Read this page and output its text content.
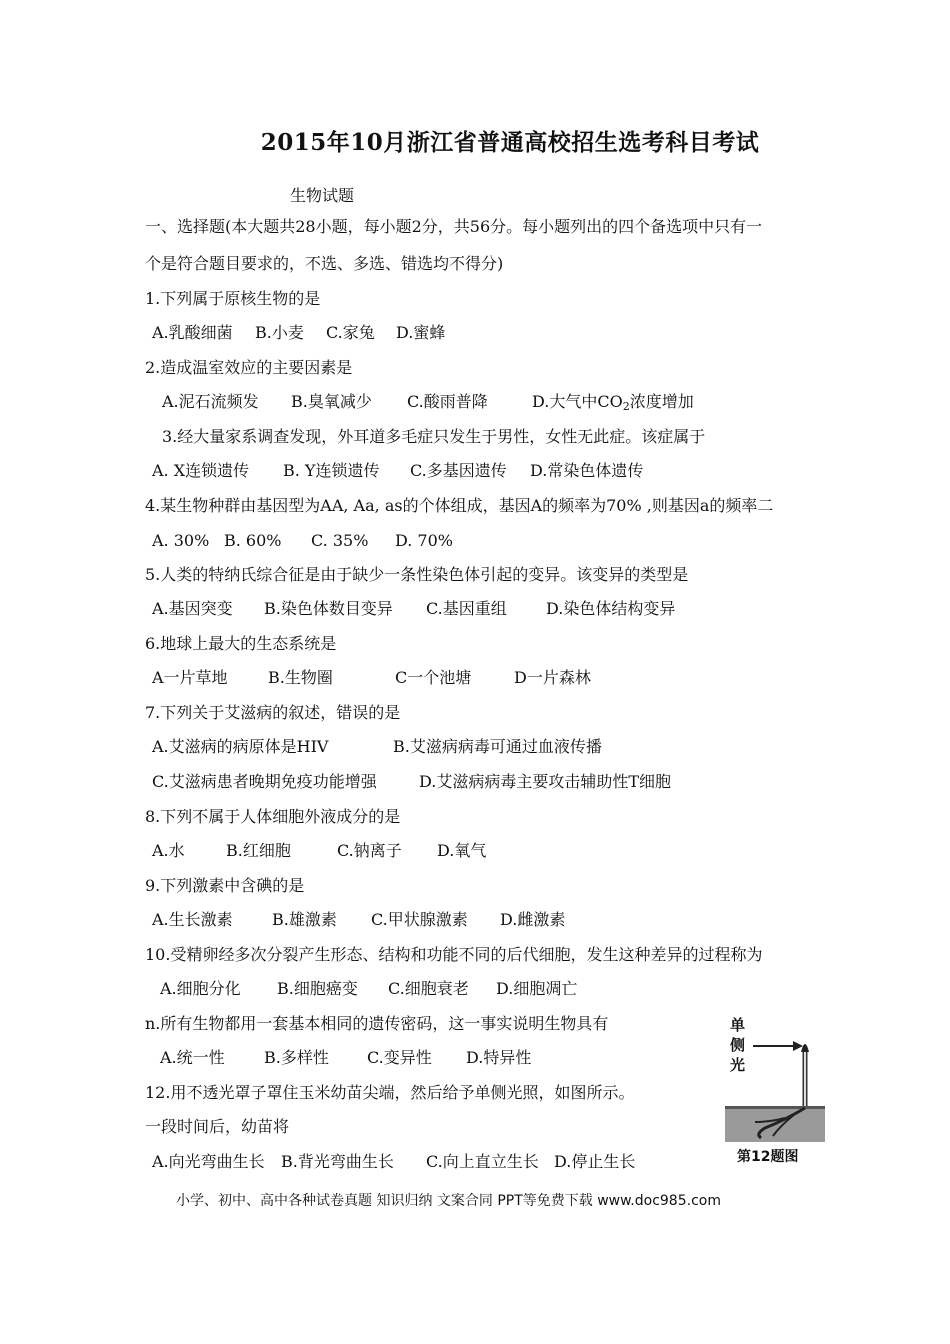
2015年10月浙江省普通高校招生选考科目考试
生物试题
一、选择题(本大题共28小题，每小题2分，共56分。每小题列出的四个备选项中只有一
个是符合题目要求的，不选、多选、错选均不得分)
1.下列属于原核生物的是
A.乳酸细菌 B.小麦 C.家兔 D.蜜蜂
2.造成温室效应的主要因素是
A.泥石流频发 B.臭氧减少 C.酸雨普降	D.大气中$CO_2$浓度增加
3.经大量家系调查发现，外耳道多毛症只发生于男性，女性无此症。该症属于
A. X连锁遗传 B. Y连锁遗传 C.多基因遗传 D.常染色体遗传
4.某生物种群由基因型为AA, Aa, as的个体组成，基因A的频率为70% ,则基因a的频率二
A. 30% B. 60% C. 35% D. 70%
5.人类的特纳氏综合征是由于缺少一条性染色体引起的变异。该变异的类型是
A.基因突变 B.染色体数目变异 C.基因重组 D.染色体结构变异
6.地球上最大的生态系统是
A一片草地	B.生物圈	C一个池塘	D一片森林
7.下列关于艾滋病的叙述，错误的是
A.艾滋病的病原体是HIV	B.艾滋病病毒可通过血液传播
C.艾滋病患者晚期免疫功能增强	D.艾滋病病毒主要攻击辅助性T细胞
8.下列不属于人体细胞外液成分的是
A.水	B.红细胞	C.钠离子 D.氧气
9.下列激素中含碘的是
A.生长激素 B.雄激素 C.甲状腺激素 D.雌激素
10.受精卵经多次分裂产生形态、结构和功能不同的后代细胞，发生这种差异的过程称为
A.细胞分化 B.细胞癌变 C.细胞衰老 D.细胞凋亡
n.所有生物都用一套基本相同的遗传密码，这一事实说明生物具有
A.统一性 B.多样性 C.变异性 D.特异性
12.用不透光罩子罩住玉米幼苗尖端，然后给予单侧光照，如图所示。
一段时间后，幼苗将
A.向光弯曲生长 B.背光弯曲生长 C.向上直立生长 D.停止生长
单
侧
光
第12题图
小学、初中、高中各种试卷真题 知识归纳 文案合同 PPT等免费下载 www.doc985.com
